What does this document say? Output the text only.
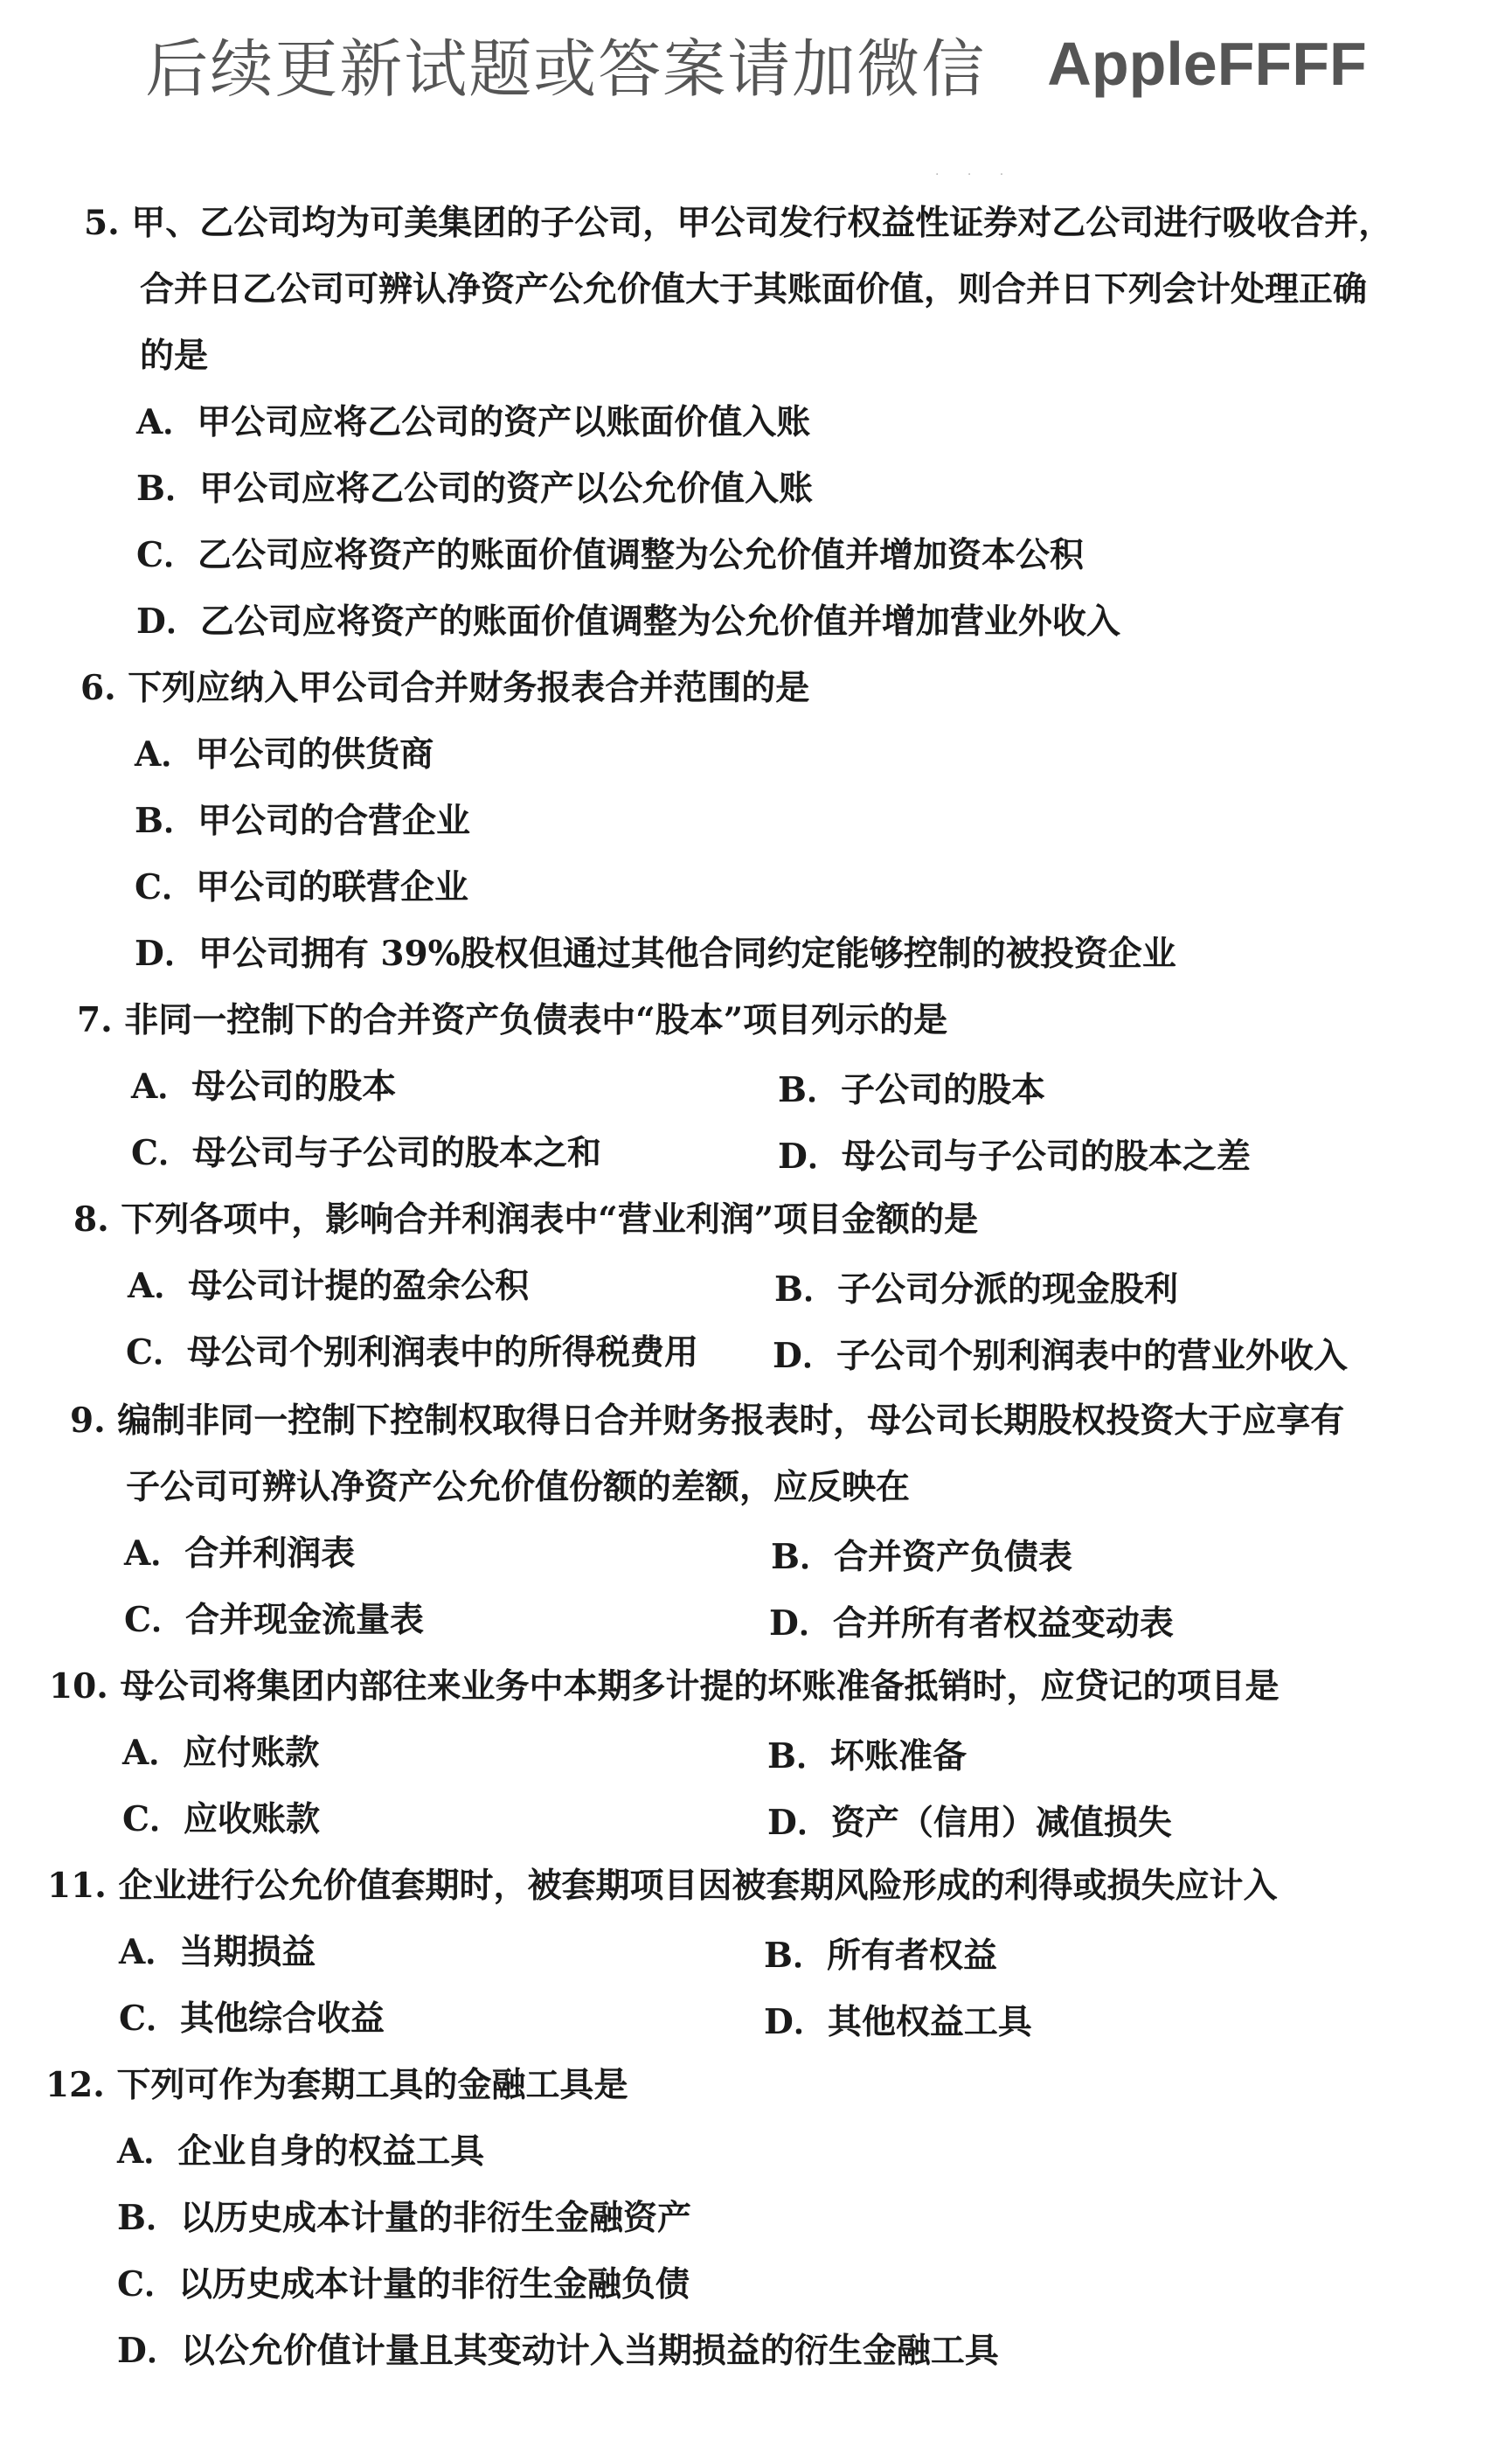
后续更新试题或答案请加微信 AppleFFFF
· · ·
5. 甲、乙公司均为可美集团的子公司，甲公司发行权益性证券对乙公司进行吸收合并，
合并日乙公司可辨认净资产公允价值大于其账面价值，则合并日下列会计处理正确
的是
A．甲公司应将乙公司的资产以账面价值入账
B．甲公司应将乙公司的资产以公允价值入账
C．乙公司应将资产的账面价值调整为公允价值并增加资本公积
D．乙公司应将资产的账面价值调整为公允价值并增加营业外收入
6. 下列应纳入甲公司合并财务报表合并范围的是
A．甲公司的供货商
B．甲公司的合营企业
C．甲公司的联营企业
D．甲公司拥有 39%股权但通过其他合同约定能够控制的被投资企业
7. 非同一控制下的合并资产负债表中“股本”项目列示的是
A．母公司的股本	B．子公司的股本
C．母公司与子公司的股本之和	D．母公司与子公司的股本之差
8. 下列各项中，影响合并利润表中“营业利润”项目金额的是
A．母公司计提的盈余公积	B．子公司分派的现金股利
C．母公司个别利润表中的所得税费用 D．子公司个别利润表中的营业外收入
9. 编制非同一控制下控制权取得日合并财务报表时，母公司长期股权投资大于应享有
子公司可辨认净资产公允价值份额的差额，应反映在
A．合并利润表	B．合并资产负债表
C．合并现金流量表	D．合并所有者权益变动表
10. 母公司将集团内部往来业务中本期多计提的坏账准备抵销时，应贷记的项目是
A．应付账款	B．坏账准备
C．应收账款	D．资产（信用）减值损失
11. 企业进行公允价值套期时，被套期项目因被套期风险形成的利得或损失应计入
A．当期损益	B．所有者权益
C．其他综合收益	D．其他权益工具
12. 下列可作为套期工具的金融工具是
A．企业自身的权益工具
B．以历史成本计量的非衍生金融资产
C．以历史成本计量的非衍生金融负债
D．以公允价值计量且其变动计入当期损益的衍生金融工具
